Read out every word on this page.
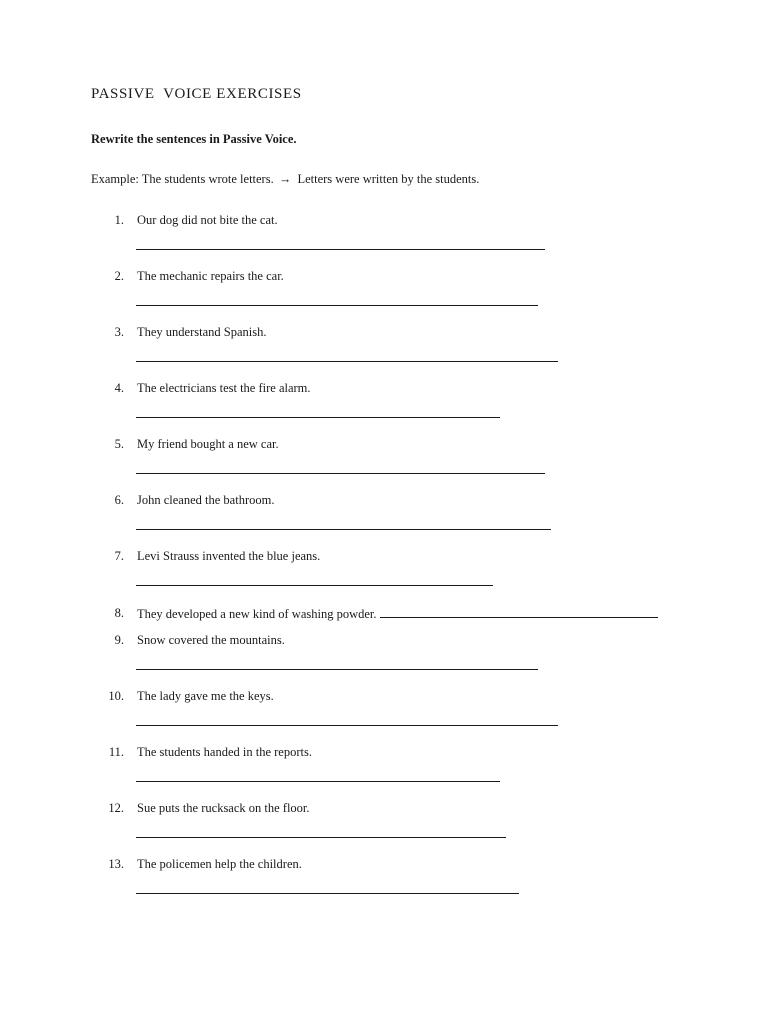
PASSIVE  VOICE EXERCISES
Rewrite the sentences in Passive Voice.
Example: The students wrote letters. → Letters were written by the students.
1. Our dog did not bite the cat.
2. The mechanic repairs the car.
3. They understand Spanish.
4. The electricians test the fire alarm.
5. My friend bought a new car.
6. John cleaned the bathroom.
7. Levi Strauss invented the blue jeans.
8. They developed a new kind of washing powder.
9. Snow covered the mountains.
10. The lady gave me the keys.
11. The students handed in the reports.
12. Sue puts the rucksack on the floor.
13. The policemen help the children.
